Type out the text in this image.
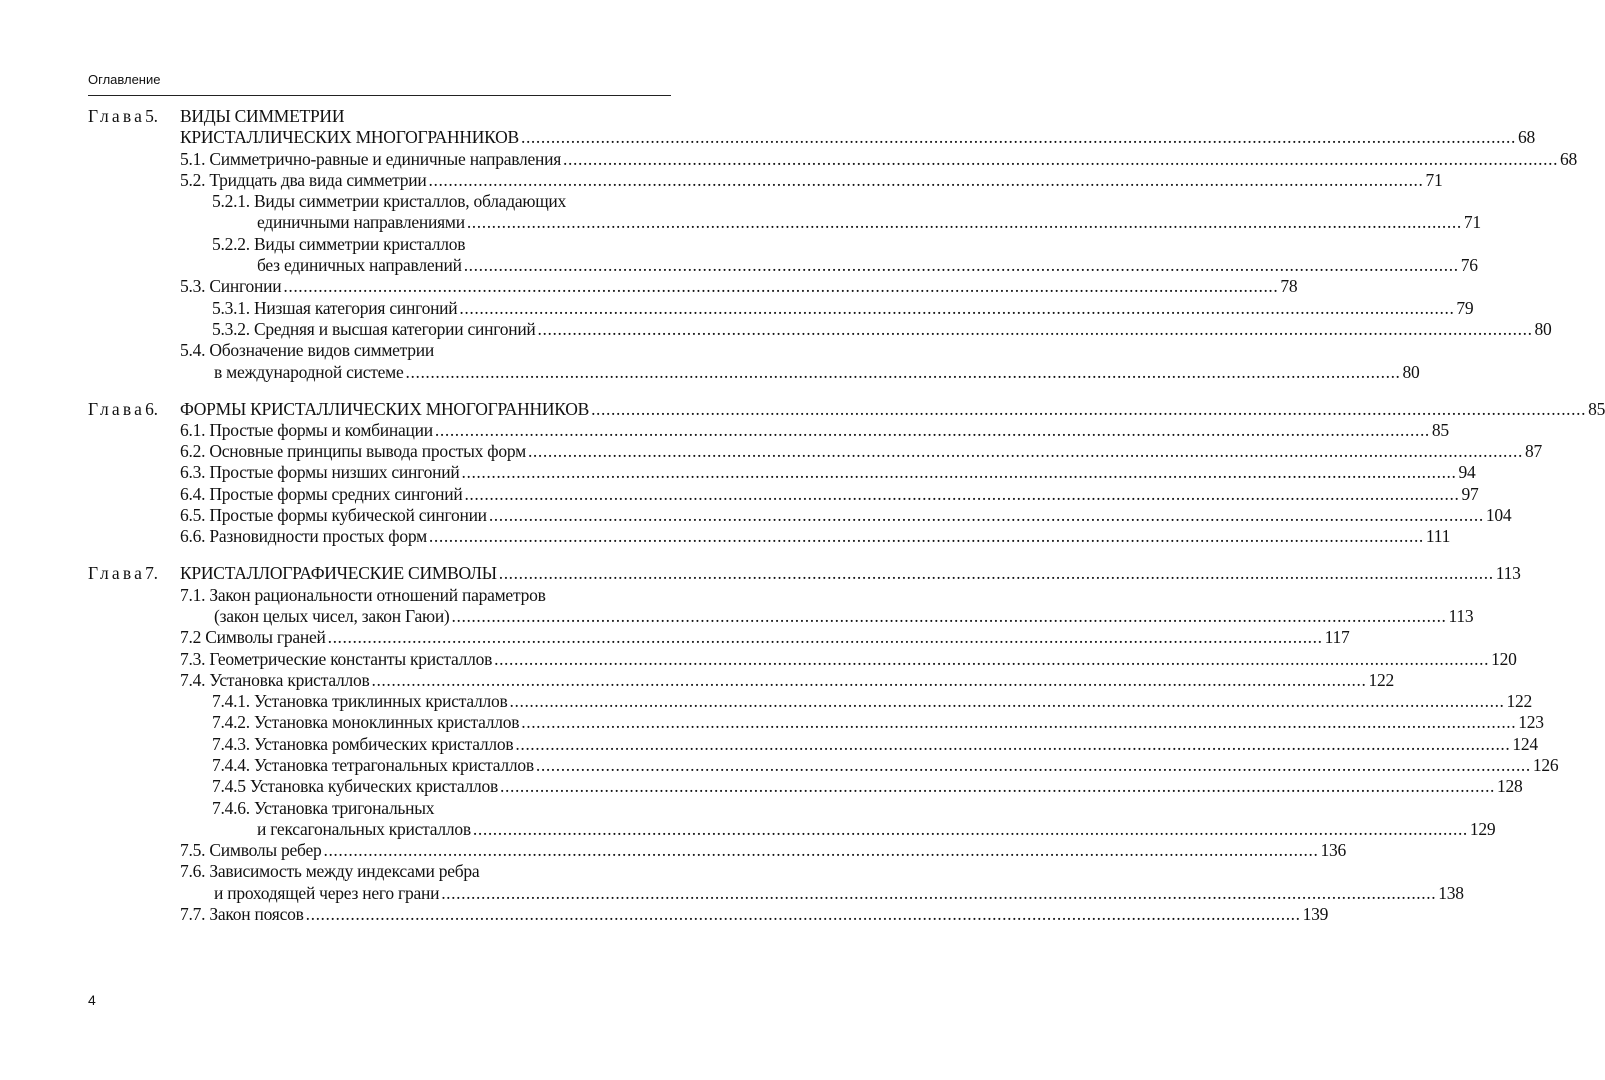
Оглавление
Глава5.	ВИДЫ СИММЕТРИИ
КРИСТАЛЛИЧЕСКИХ МНОГОГРАННИКОВ ........................................................................................................................................................................................................ 68
5.1. Симметрично-равные и единичные направления ........................................................................................................................................................................................................ 68
5.2. Тридцать два вида симметрии ........................................................................................................................................................................................................ 71
5.2.1. Виды симметрии кристаллов, обладающих
единичными направлениями ........................................................................................................................................................................................................ 71
5.2.2. Виды симметрии кристаллов
без единичных направлений ........................................................................................................................................................................................................ 76
5.3. Сингонии ........................................................................................................................................................................................................ 78
5.3.1. Низшая категория сингоний ........................................................................................................................................................................................................ 79
5.3.2. Средняя и высшая категории сингоний ........................................................................................................................................................................................................ 80
5.4. Обозначение видов симметрии
в международной системе ........................................................................................................................................................................................................ 80
Глава6.	ФОРМЫ КРИСТАЛЛИЧЕСКИХ МНОГОГРАННИКОВ ........................................................................................................................................................................................................ 85
6.1. Простые формы и комбинации ........................................................................................................................................................................................................ 85
6.2. Основные принципы вывода простых форм ........................................................................................................................................................................................................ 87
6.3. Простые формы низших сингоний ........................................................................................................................................................................................................ 94
6.4. Простые формы средних сингоний ........................................................................................................................................................................................................ 97
6.5. Простые формы кубической сингонии ........................................................................................................................................................................................................ 104
6.6. Разновидности простых форм ........................................................................................................................................................................................................ 111
Глава7.	КРИСТАЛЛОГРАФИЧЕСКИЕ СИМВОЛЫ ........................................................................................................................................................................................................ 113
7.1. Закон рациональности отношений параметров
(закон целых чисел, закон Гаюи) ........................................................................................................................................................................................................ 113
7.2 Символы граней ........................................................................................................................................................................................................ 117
7.3. Геометрические константы кристаллов ........................................................................................................................................................................................................ 120
7.4. Установка кристаллов ........................................................................................................................................................................................................ 122
7.4.1. Установка триклинных кристаллов ........................................................................................................................................................................................................ 122
7.4.2. Установка моноклинных кристаллов ........................................................................................................................................................................................................ 123
7.4.3. Установка ромбических кристаллов ........................................................................................................................................................................................................ 124
7.4.4. Установка тетрагональных кристаллов ........................................................................................................................................................................................................ 126
7.4.5 Установка кубических кристаллов ........................................................................................................................................................................................................ 128
7.4.6. Установка тригональных
и гексагональных кристаллов ........................................................................................................................................................................................................ 129
7.5. Символы ребер ........................................................................................................................................................................................................ 136
7.6. Зависимость между индексами ребра
и проходящей через него грани ........................................................................................................................................................................................................ 138
7.7. Закон поясов ........................................................................................................................................................................................................ 139
4
